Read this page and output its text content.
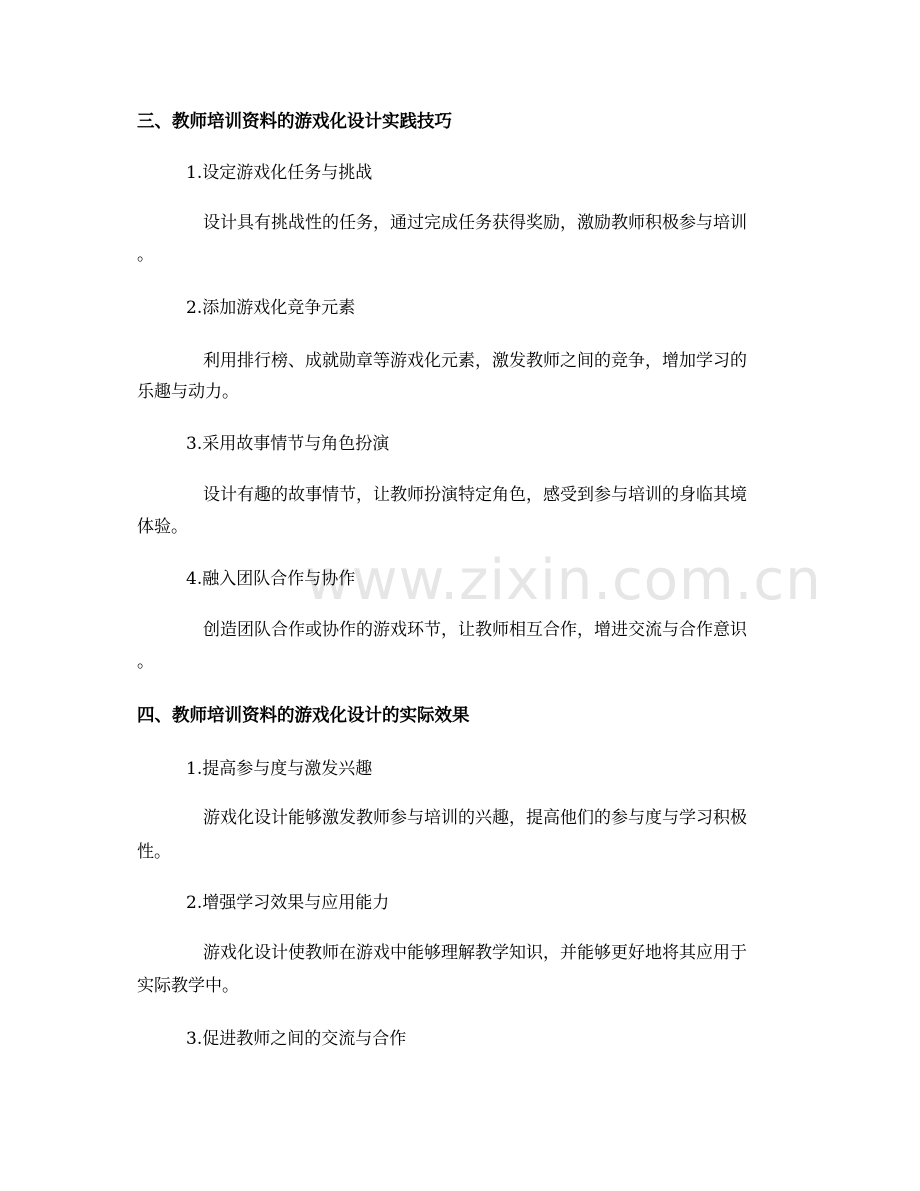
www.zixin.com.cn

三、教师培训资料的游戏化设计实践技巧

1.设定游戏化任务与挑战

设计具有挑战性的任务，通过完成任务获得奖励，激励教师积极参与培训

。

2.添加游戏化竞争元素

利用排行榜、成就勋章等游戏化元素，激发教师之间的竞争，增加学习的

乐趣与动力。

3.采用故事情节与角色扮演

设计有趣的故事情节，让教师扮演特定角色，感受到参与培训的身临其境

体验。

4.融入团队合作与协作

创造团队合作或协作的游戏环节，让教师相互合作，增进交流与合作意识

。

四、教师培训资料的游戏化设计的实际效果

1.提高参与度与激发兴趣

游戏化设计能够激发教师参与培训的兴趣，提高他们的参与度与学习积极

性。

2.增强学习效果与应用能力

游戏化设计使教师在游戏中能够理解教学知识，并能够更好地将其应用于

实际教学中。

3.促进教师之间的交流与合作
